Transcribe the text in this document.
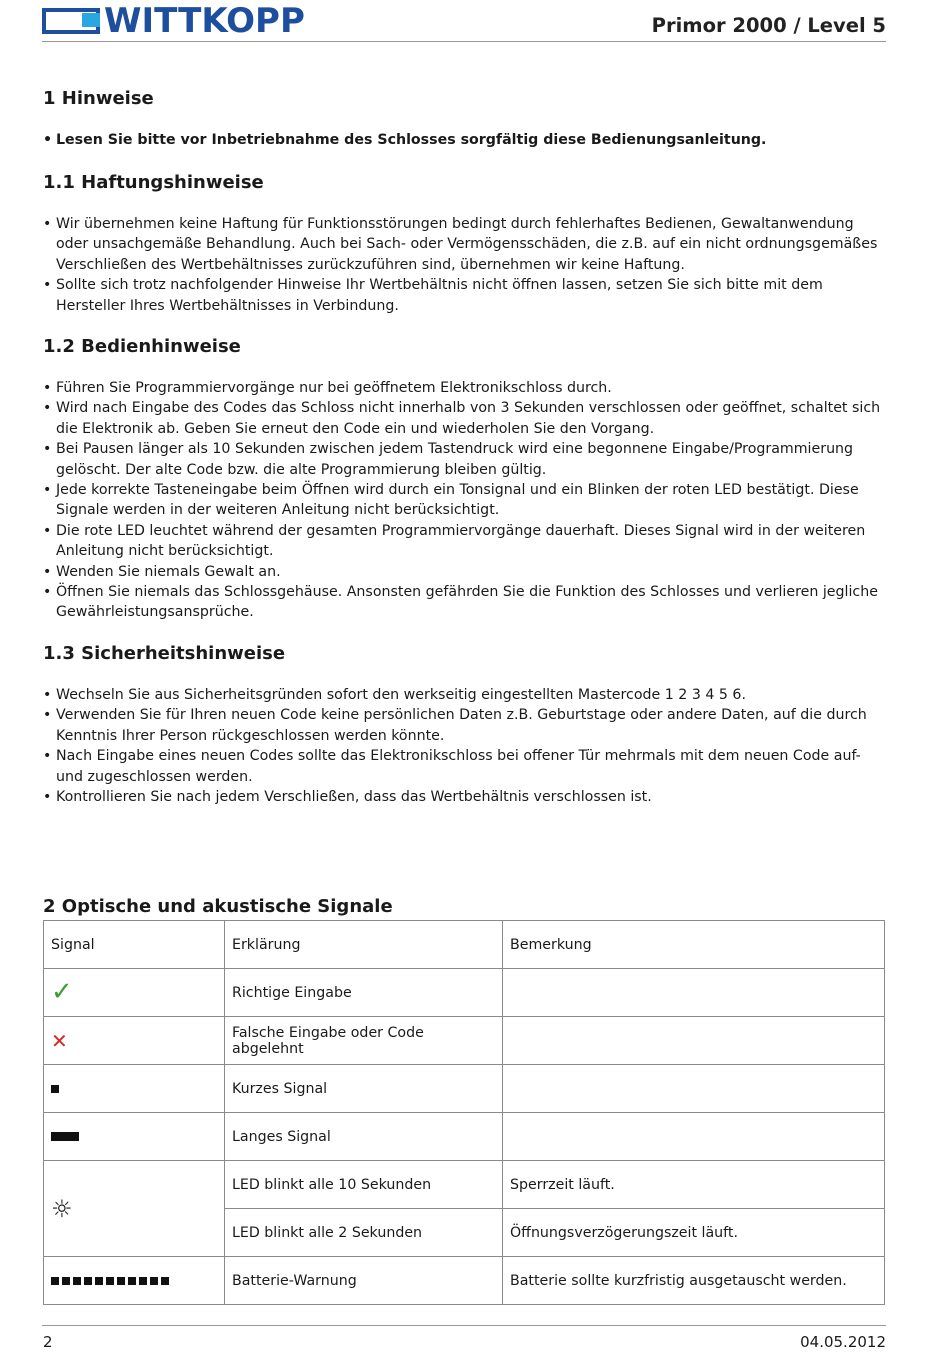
WITTKOPP	Primor 2000 / Level 5
1 Hinweise
• Lesen Sie bitte vor Inbetriebnahme des Schlosses sorgfältig diese Bedienungsanleitung.
1.1 Haftungshinweise
• Wir übernehmen keine Haftung für Funktionsstörungen bedingt durch fehlerhaftes Bedienen, Gewaltanwendung oder unsachgemäße Behandlung. Auch bei Sach- oder Vermögensschäden, die z.B. auf ein nicht ordnungsgemäßes Verschließen des Wertbehältnisses zurückzuführen sind, übernehmen wir keine Haftung.
• Sollte sich trotz nachfolgender Hinweise Ihr Wertbehältnis nicht öffnen lassen, setzen Sie sich bitte mit dem Hersteller Ihres Wertbehältnisses in Verbindung.
1.2 Bedienhinweise
• Führen Sie Programmiervorgänge nur bei geöffnetem Elektronikschloss durch.
• Wird nach Eingabe des Codes das Schloss nicht innerhalb von 3 Sekunden verschlossen oder geöffnet, schaltet sich die Elektronik ab. Geben Sie erneut den Code ein und wiederholen Sie den Vorgang.
• Bei Pausen länger als 10 Sekunden zwischen jedem Tastendruck wird eine begonnene Eingabe/Programmierung gelöscht. Der alte Code bzw. die alte Programmierung bleiben gültig.
• Jede korrekte Tasteneingabe beim Öffnen wird durch ein Tonsignal und ein Blinken der roten LED bestätigt. Diese Signale werden in der weiteren Anleitung nicht berücksichtigt.
• Die rote LED leuchtet während der gesamten Programmiervorgänge dauerhaft. Dieses Signal wird in der weiteren Anleitung nicht berücksichtigt.
• Wenden Sie niemals Gewalt an.
• Öffnen Sie niemals das Schlossgehäuse. Ansonsten gefährden Sie die Funktion des Schlosses und verlieren jegliche Gewährleistungsansprüche.
1.3 Sicherheitshinweise
• Wechseln Sie aus Sicherheitsgründen sofort den werkseitig eingestellten Mastercode 1 2 3 4 5 6.
• Verwenden Sie für Ihren neuen Code keine persönlichen Daten z.B. Geburtstage oder andere Daten, auf die durch Kenntnis Ihrer Person rückgeschlossen werden könnte.
• Nach Eingabe eines neuen Codes sollte das Elektronikschloss bei offener Tür mehrmals mit dem neuen Code auf- und zugeschlossen werden.
• Kontrollieren Sie nach jedem Verschließen, dass das Wertbehältnis verschlossen ist.
2 Optische und akustische Signale
Signal	Erklärung	Bemerkung
✓	Richtige Eingabe	
✕	Falsche Eingabe oder Code abgelehnt	
	Kurzes Signal	
	Langes Signal	
☼	LED blinkt alle 10 Sekunden	Sperrzeit läuft.
	LED blinkt alle 2 Sekunden	Öffnungsverzögerungszeit läuft.
	Batterie-Warnung	Batterie sollte kurzfristig ausgetauscht werden.
2	04.05.2012
